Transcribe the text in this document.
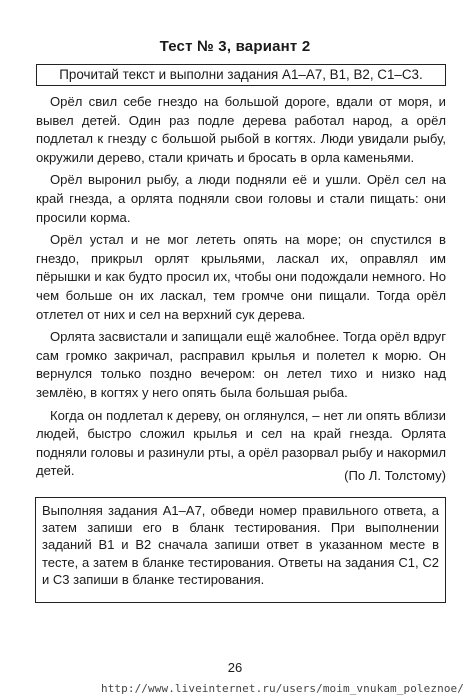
Тест № 3, вариант 2
Прочитай текст и выполни задания А1–А7, В1, В2, С1–С3.

Орёл свил себе гнездо на большой дороге, вдали от моря, и вывел детей. Один раз подле дерева работал народ, а орёл подлетал к гнезду с большой рыбой в когтях. Люди увидали рыбу, окружили дерево, стали кричать и бросать в орла каменьями.

Орёл выронил рыбу, а люди подняли её и ушли. Орёл сел на край гнезда, а орлята подняли свои головы и стали пищать: они просили корма.

Орёл устал и не мог лететь опять на море; он спустился в гнездо, прикрыл орлят крыльями, ласкал их, оправлял им пёрышки и как будто просил их, чтобы они подождали немного. Но чем больше он их ласкал, тем громче они пищали. Тогда орёл отлетел от них и сел на верхний сук дерева.

Орлята засвистали и запищали ещё жалобнее. Тогда орёл вдруг сам громко закричал, расправил крылья и полетел к морю. Он вернулся только поздно вечером: он летел тихо и низко над землёю, в когтях у него опять была большая рыба.

Когда он подлетал к дереву, он оглянулся, – нет ли опять вблизи людей, быстро сложил крылья и сел на край гнезда. Орлята подняли головы и разинули рты, а орёл разорвал рыбу и накормил детей.	(По Л. Толстому)
Выполняя задания А1–А7, обведи номер правильного ответа, а затем запиши его в бланк тестирования. При выполнении заданий В1 и В2 сначала запиши ответ в указанном месте в тесте, а затем в бланке тестирования. Ответы на задания С1, С2 и С3 запиши в бланке тестирования.
26
http://www.liveinternet.ru/users/moim_vnukam_poleznoe/
